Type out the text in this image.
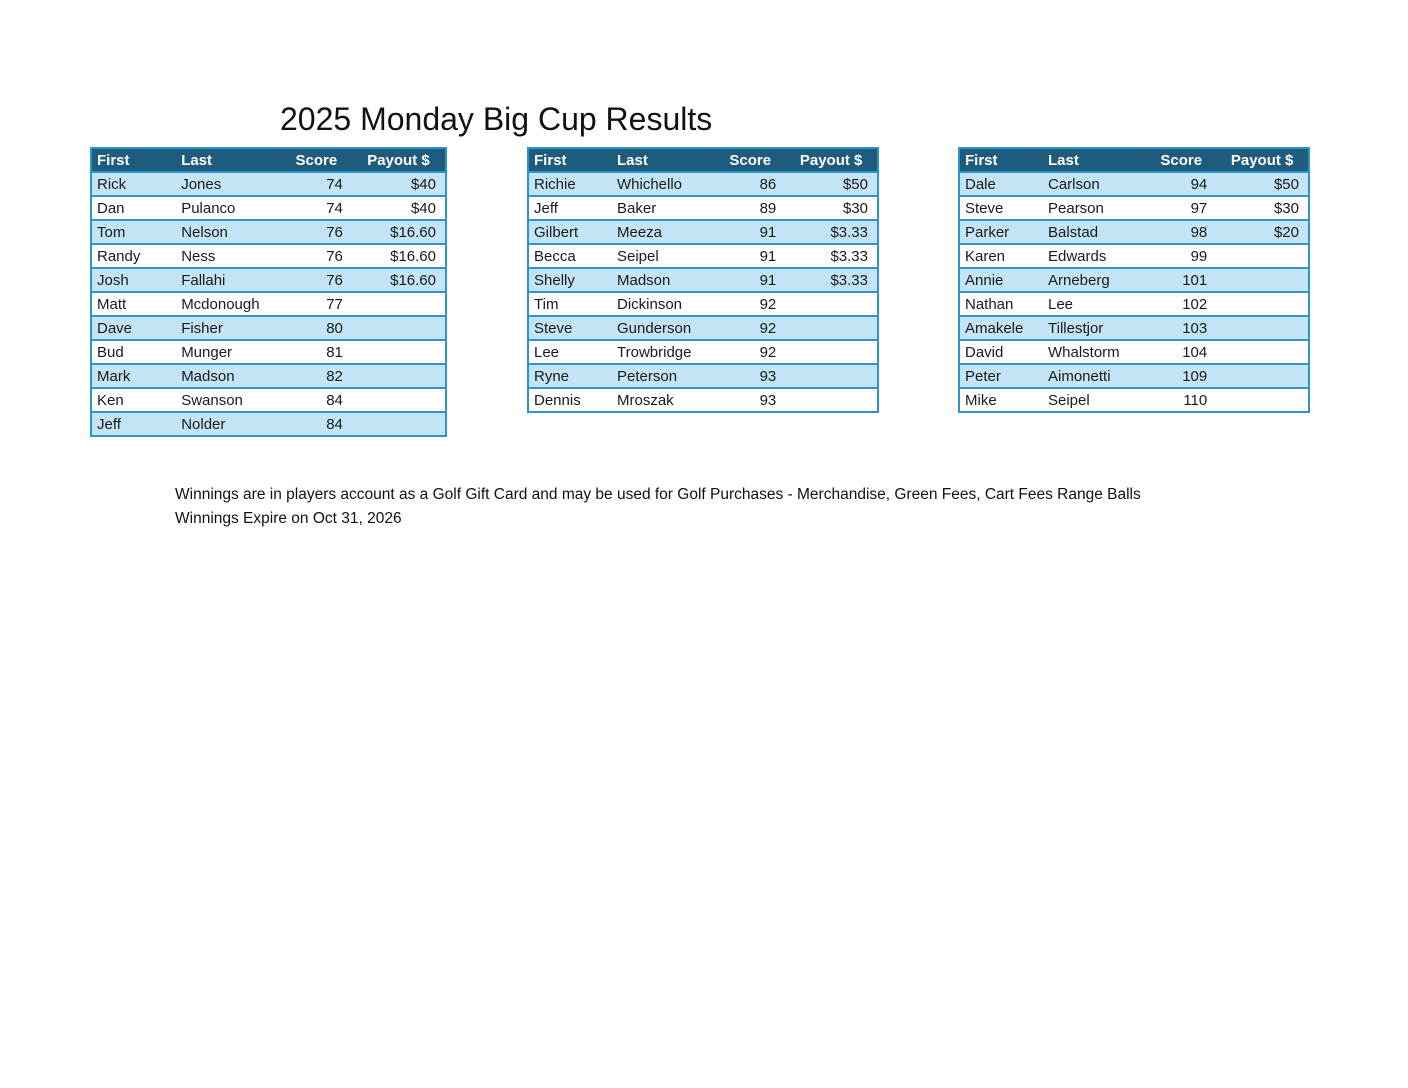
2025 Monday Big Cup Results
First	Last	Score	Payout $
Rick	Jones	74	$40
Dan	Pulanco	74	$40
Tom	Nelson	76	$16.60
Randy	Ness	76	$16.60
Josh	Fallahi	76	$16.60
Matt	Mcdonough	77	
Dave	Fisher	80	
Bud	Munger	81	
Mark	Madson	82	
Ken	Swanson	84	
Jeff	Nolder	84	
First	Last	Score	Payout $
Richie	Whichello	86	$50
Jeff	Baker	89	$30
Gilbert	Meeza	91	$3.33
Becca	Seipel	91	$3.33
Shelly	Madson	91	$3.33
Tim	Dickinson	92	
Steve	Gunderson	92	
Lee	Trowbridge	92	
Ryne	Peterson	93	
Dennis	Mroszak	93	
First	Last	Score	Payout $
Dale	Carlson	94	$50
Steve	Pearson	97	$30
Parker	Balstad	98	$20
Karen	Edwards	99	
Annie	Arneberg	101	
Nathan	Lee	102	
Amakele	Tillestjor	103	
David	Whalstorm	104	
Peter	Aimonetti	109	
Mike	Seipel	110	
Winnings are in players account as a Golf Gift Card and may be used for Golf Purchases - Merchandise, Green Fees, Cart Fees Range Balls
Winnings Expire on Oct 31, 2026
